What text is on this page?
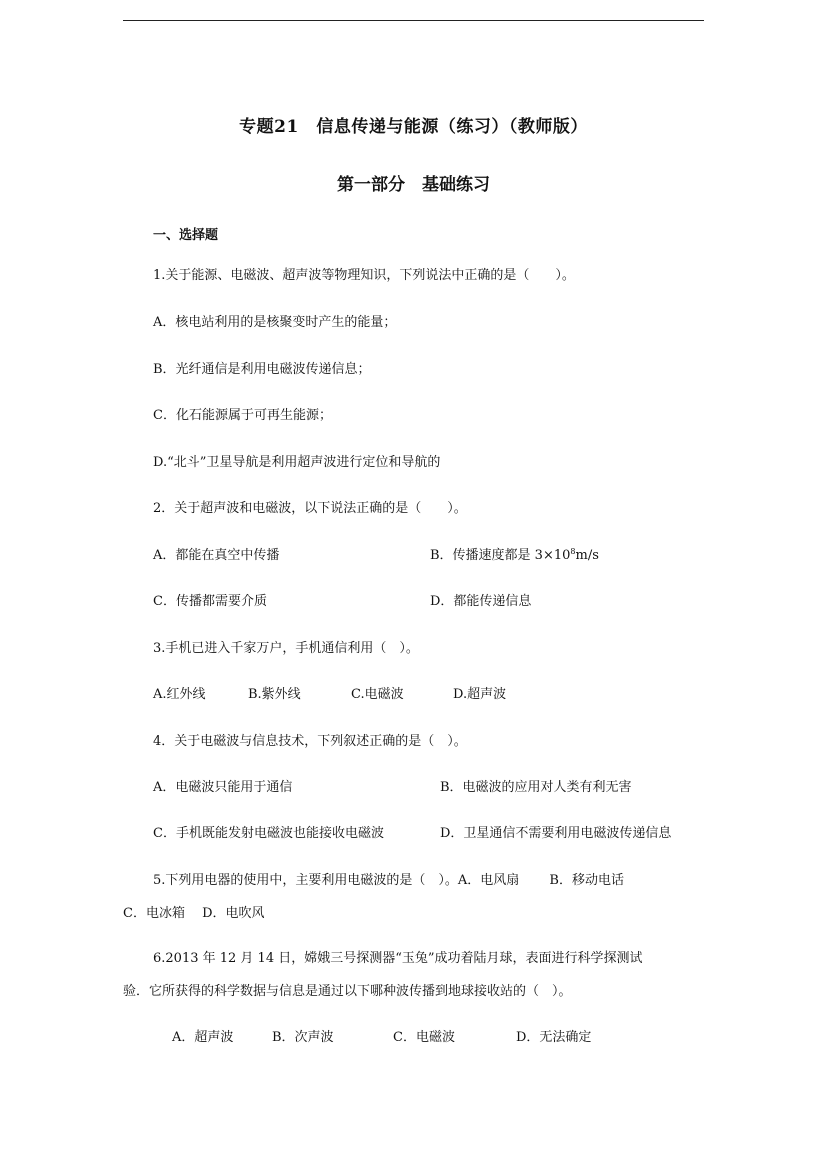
专题21　信息传递与能源（练习）（教师版）
第一部分　基础练习
一、选择题
1.关于能源、电磁波、超声波等物理知识，下列说法中正确的是（　　）。
A．核电站利用的是核聚变时产生的能量；
B．光纤通信是利用电磁波传递信息；
C．化石能源属于可再生能源；
D.“北斗”卫星导航是利用超声波进行定位和导航的
2．关于超声波和电磁波，以下说法正确的是（　　）。
A．都能在真空中传播	B．传播速度都是 $3\times 10^8m/s$
C．传播都需要介质	D．都能传递信息
3.手机已进入千家万户，手机通信利用（　）。
A.红外线	B.紫外线	C.电磁波	D.超声波
4．关于电磁波与信息技术，下列叙述正确的是（　）。
A．电磁波只能用于通信	B．电磁波的应用对人类有利无害
C．手机既能发射电磁波也能接收电磁波	D．卫星通信不需要利用电磁波传递信息
5.下列用电器的使用中，主要利用电磁波的是（　）。A．电风扇　　 B．移动电话
C．电冰箱　 D．电吹风
6.2013 年 12 月 14 日，嫦娥三号探测器“玉兔”成功着陆月球，表面进行科学探测试
验．它所获得的科学数据与信息是通过以下哪种波传播到地球接收站的（　）。
A．超声波	B．次声波	C．电磁波	D．无法确定
